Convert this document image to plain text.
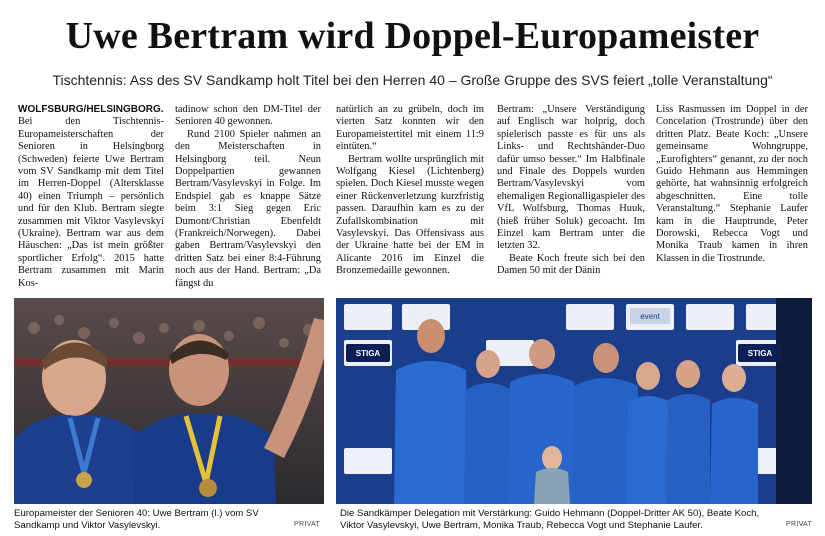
Uwe Bertram wird Doppel-Europameister
Tischtennis: Ass des SV Sandkamp holt Titel bei den Herren 40 – Große Gruppe des SVS feiert „tolle Veranstaltung“

WOLFSBURG/HELSINGBORG.
Bei den Tischtennis-Europameisterschaften der Senioren in Helsingborg (Schweden) feierte Uwe Bertram vom SV Sandkamp mit dem Titel im Herren-Doppel (Altersklasse 40) einen Triumph – persönlich und für den Klub. Bertram siegte zusammen mit Viktor Vasylevskyi (Ukraine). Bertram war aus dem Häuschen: „Das ist mein größter sportlicher Erfolg“. 2015 hatte Bertram zusammen mit Marin Kos-

tadinow schon den DM-Titel der Senioren 40 gewonnen.

Rund 2100 Spieler nahmen an den Meisterschaften in Helsingborg teil. Neun Doppelpartien gewannen Bertram/Vasylevskyi in Folge. Im Endspiel gab es knappe Sätze beim 3:1 Sieg gegen Eric Dumont/Christian Ebenfeldt (Frankreich/Norwegen). Dabei gaben Bertram/Vasylevskyi den dritten Satz bei einer 8:4-Führung noch aus der Hand. Bertram: „Da fängst du

natürlich an zu grübeln, doch im vierten Satz konnten wir den Europameistertitel mit einem 11:9 eintüten.“

Bertram wollte ursprünglich mit Wolfgang Kiesel (Lichtenberg) spielen. Doch Kiesel musste wegen einer Rückenverletzung kurzfristig passen. Daraufhin kam es zu der Zufallskombination mit Vasylevskyi. Das Offensivass aus der Ukraine hatte bei der EM in Alicante 2016 im Einzel die Bronzemedaille gewonnen.

Bertram: „Unsere Verständigung auf Englisch war holprig, doch spielerisch passte es für uns als Links- und Rechtshänder-Duo dafür umso besser.“ Im Halbfinale und Finale des Doppels wurden Bertram/Vasylevskyi vom ehemaligen Regionalligaspieler des VfL Wolfsburg, Thomas Huuk, (hieß früher Soluk) gecoacht. Im Einzel kam Bertram unter die letzten 32.

Beate Koch freute sich bei den Damen 50 mit der Dänin

Liss Rasmussen im Doppel in der Concelation (Trostrunde) über den dritten Platz. Beate Koch: „Unsere gemeinsame Wohngruppe, „Eurofighters“ genannt, zu der noch Guido Hehmann aus Hemmingen gehörte, hat wahnsinnig erfolgreich abgeschnitten. Eine tolle Veranstaltung.“ Stephanie Laufer kam in die Hauptrunde, Peter Dorowski, Rebecca Vogt und Monika Traub kamen in ihren Klassen in die Trostrunde.

Europameister der Senioren 40: Uwe Bertram (l.) vom SV Sandkamp und Viktor Vasylevskyi.	PRIVAT
STIGA	STIGA
event
Die Sandkämper Delegation mit Verstärkung: Guido Hehmann (Doppel-Dritter AK 50), Beate Koch, Viktor Vasylevskyi, Uwe Bertram, Monika Traub, Rebecca Vogt und Stephanie Laufer.	PRIVAT
